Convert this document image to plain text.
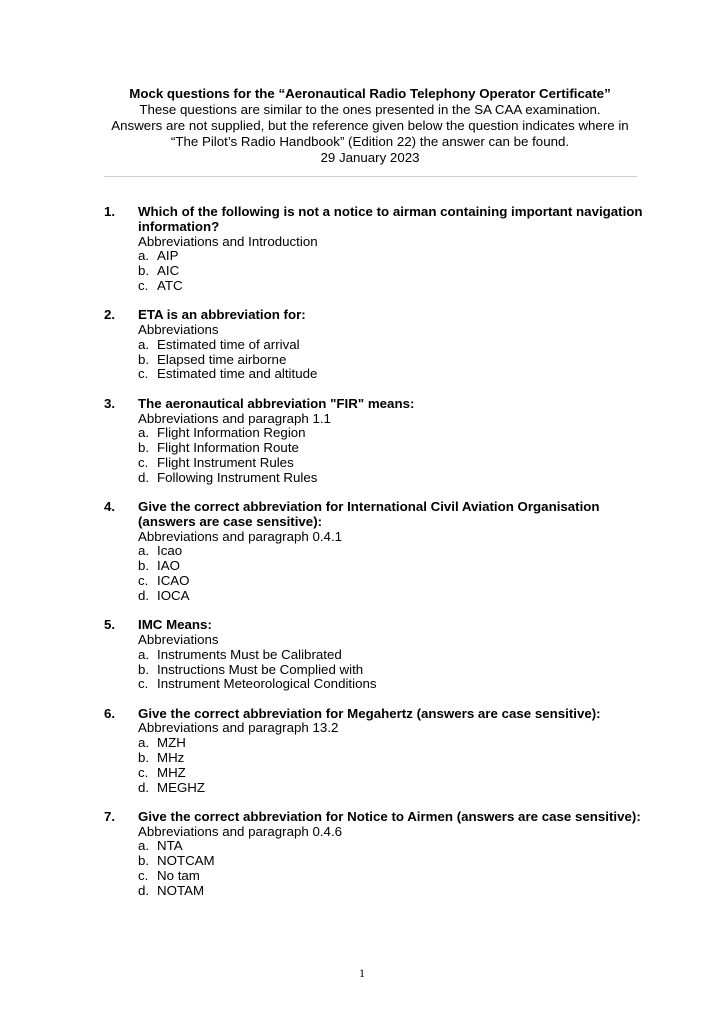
Mock questions for the “Aeronautical Radio Telephony Operator Certificate”
These questions are similar to the ones presented in the SA CAA examination.
Answers are not supplied, but the reference given below the question indicates where in “The Pilot’s Radio Handbook” (Edition 22) the answer can be found.
29 January 2023
1. Which of the following is not a notice to airman containing important navigation information?
Abbreviations and Introduction
a. AIP
b. AIC
c. ATC
2. ETA is an abbreviation for:
Abbreviations
a. Estimated time of arrival
b. Elapsed time airborne
c. Estimated time and altitude
3. The aeronautical abbreviation "FIR" means:
Abbreviations and paragraph 1.1
a. Flight Information Region
b. Flight Information Route
c. Flight Instrument Rules
d. Following Instrument Rules
4. Give the correct abbreviation for International Civil Aviation Organisation (answers are case sensitive):
Abbreviations and paragraph 0.4.1
a. Icao
b. IAO
c. ICAO
d. IOCA
5. IMC Means:
Abbreviations
a. Instruments Must be Calibrated
b. Instructions Must be Complied with
c. Instrument Meteorological Conditions
6. Give the correct abbreviation for Megahertz (answers are case sensitive):
Abbreviations and paragraph 13.2
a. MZH
b. MHz
c. MHZ
d. MEGHZ
7. Give the correct abbreviation for Notice to Airmen (answers are case sensitive):
Abbreviations and paragraph 0.4.6
a. NTA
b. NOTCAM
c. No tam
d. NOTAM
1
